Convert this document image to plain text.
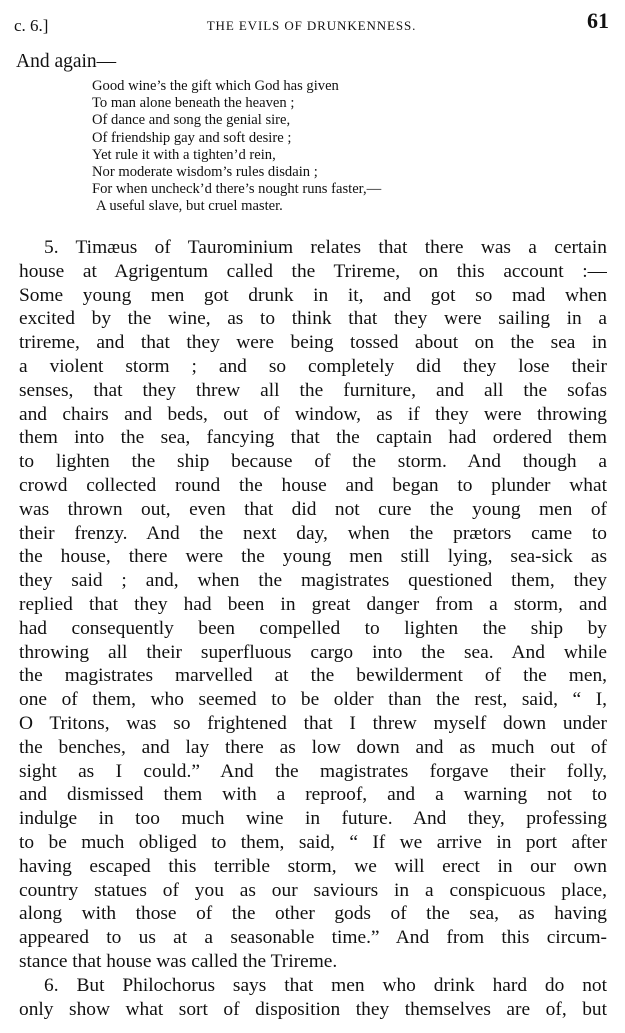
c. 6.]	THE EVILS OF DRUNKENNESS.	61
And again—
Good wine’s the gift which God has given
To man alone beneath the heaven ;
Of dance and song the genial sire,
Of friendship gay and soft desire ;
Yet rule it with a tighten’d rein,
Nor moderate wisdom’s rules disdain ;
For when uncheck’d there’s nought runs faster,—
A useful slave, but cruel master.
5. Timæus of Taurominium relates that there was a certain
house at Agrigentum called the Trireme, on this account :—
Some young men got drunk in it, and got so mad when
excited by the wine, as to think that they were sailing in a
trireme, and that they were being tossed about on the sea in
a violent storm ; and so completely did they lose their
senses, that they threw all the furniture, and all the sofas
and chairs and beds, out of window, as if they were throwing
them into the sea, fancying that the captain had ordered them
to lighten the ship because of the storm. And though a
crowd collected round the house and began to plunder what
was thrown out, even that did not cure the young men of
their frenzy. And the next day, when the prætors came to
the house, there were the young men still lying, sea-sick as
they said ; and, when the magistrates questioned them, they
replied that they had been in great danger from a storm, and
had consequently been compelled to lighten the ship by
throwing all their superfluous cargo into the sea. And while
the magistrates marvelled at the bewilderment of the men,
one of them, who seemed to be older than the rest, said, “ I,
O Tritons, was so frightened that I threw myself down under
the benches, and lay there as low down and as much out of
sight as I could.” And the magistrates forgave their folly,
and dismissed them with a reproof, and a warning not to
indulge in too much wine in future. And they, professing
to be much obliged to them, said, “ If we arrive in port after
having escaped this terrible storm, we will erect in our own
country statues of you as our saviours in a conspicuous place,
along with those of the other gods of the sea, as having
appeared to us at a seasonable time.” And from this circum-
stance that house was called the Trireme.
6. But Philochorus says that men who drink hard do not
only show what sort of disposition they themselves are of, but
